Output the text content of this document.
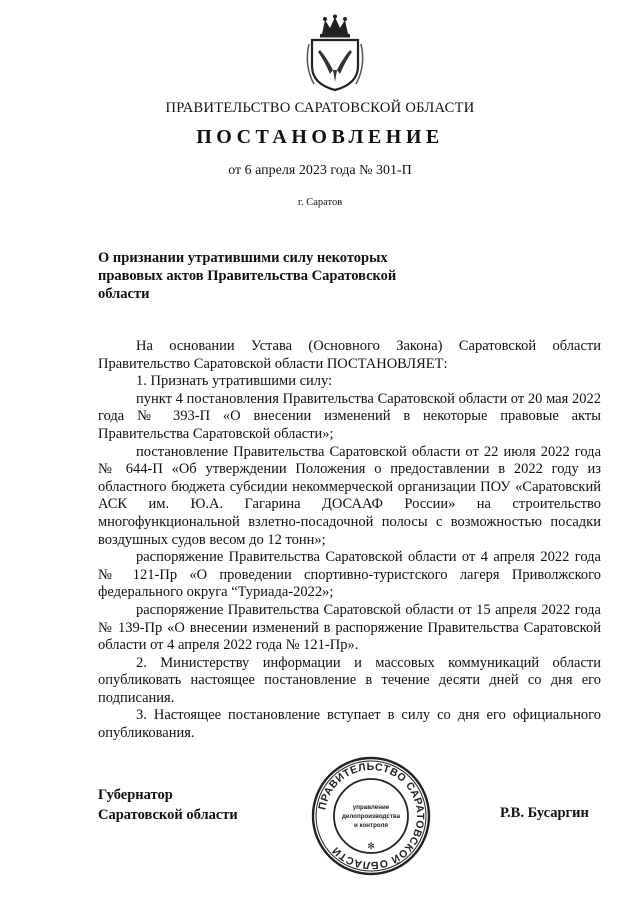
ПРАВИТЕЛЬСТВО САРАТОВСКОЙ ОБЛАСТИ
ПОСТАНОВЛЕНИЕ
от 6 апреля 2023 года № 301-П
г. Саратов
О признании утратившими силу некоторых
правовых актов Правительства Саратовской
области

На основании Устава (Основного Закона) Саратовской области Правительство Саратовской области ПОСТАНОВЛЯЕТ:

1. Признать утратившими силу:

пункт 4 постановления Правительства Саратовской области от 20 мая 2022 года № 393-П «О внесении изменений в некоторые правовые акты Правительства Саратовской области»;

постановление Правительства Саратовской области от 22 июля 2022 года № 644-П «Об утверждении Положения о предоставлении в 2022 году из областного бюджета субсидии некоммерческой организации ПОУ «Саратовский АСК им. Ю.А. Гагарина ДОСААФ России» на строительство многофункциональной взлетно-посадочной полосы с возможностью посадки воздушных судов весом до 12 тонн»;

распоряжение Правительства Саратовской области от 4 апреля 2022 года № 121-Пр «О проведении спортивно-туристского лагеря Приволжского федерального округа “Туриада-2022»;

распоряжение Правительства Саратовской области от 15 апреля 2022 года № 139-Пр «О внесении изменений в распоряжение Правительства Саратовской области от 4 апреля 2022 года № 121-Пр».

2. Министерству информации и массовых коммуникаций области опубликовать настоящее постановление в течение десяти дней со дня его подписания.

3. Настоящее постановление вступает в силу со дня его официального опубликования.

ПРАВИТЕЛЬСТВО САРАТОВСКОЙ ОБЛАСТИ
управление
делопроизводства
и контроля
✻
Губернатор
Саратовской области	Р.В. Бусаргин
